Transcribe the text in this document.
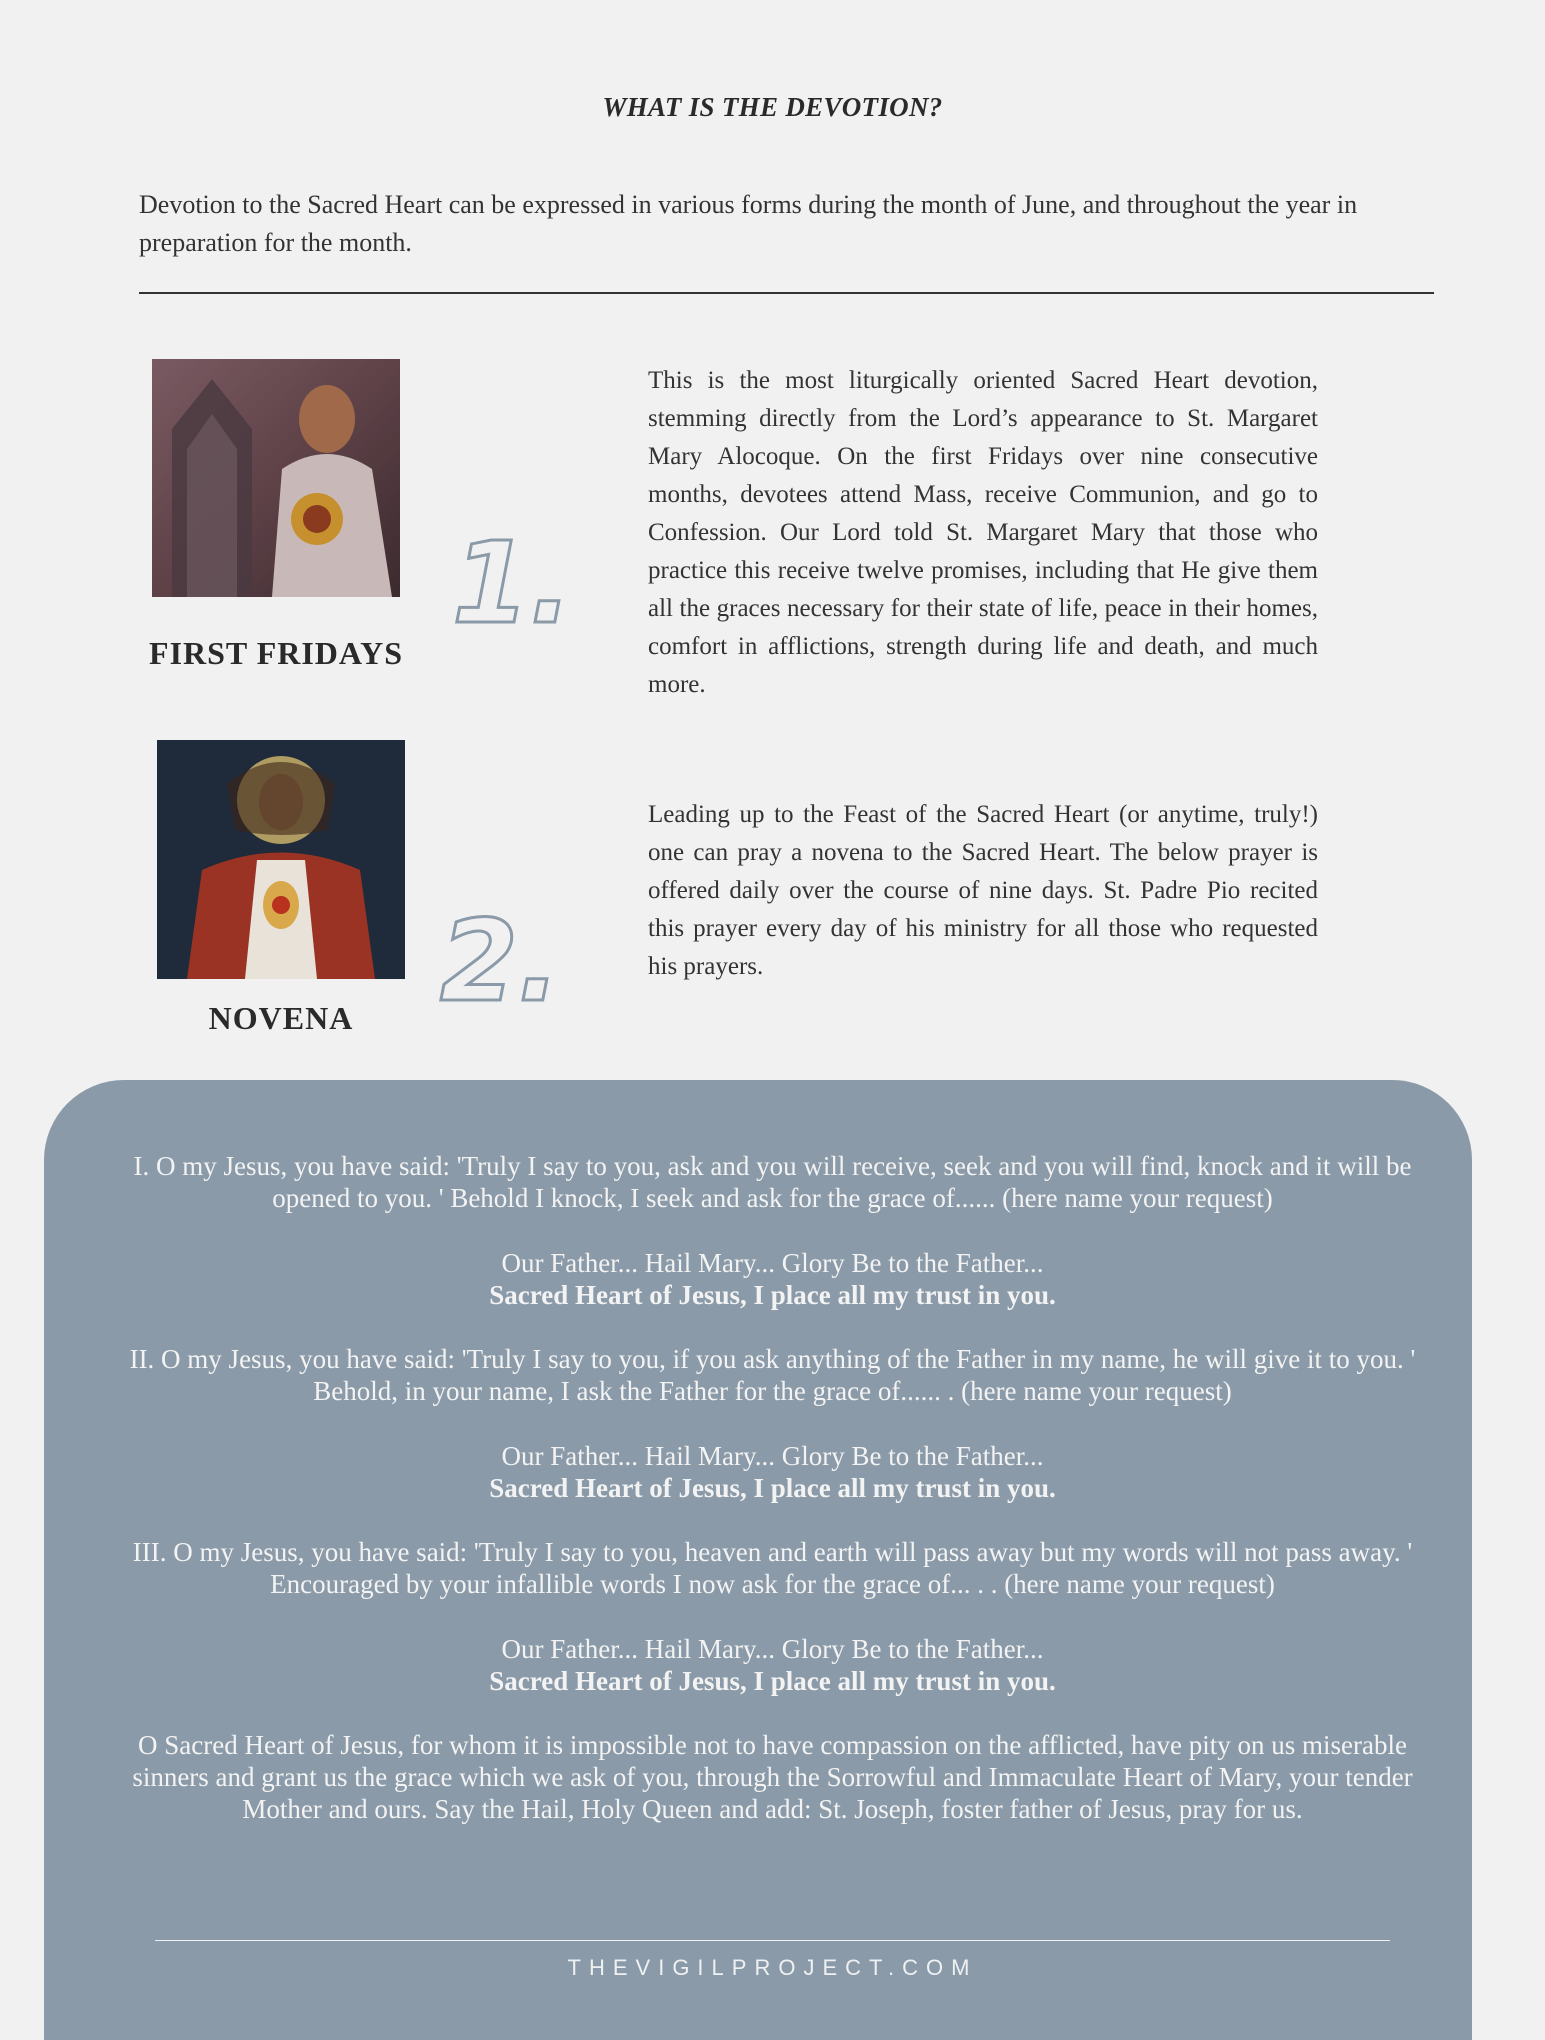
WHAT IS THE DEVOTION?
Devotion to the Sacred Heart can be expressed in various forms during the month of June, and throughout the year in preparation for the month.
FIRST FRIDAYS
1.
This is the most liturgically oriented Sacred Heart devotion, stemming directly from the Lord’s appearance to St. Margaret Mary Alocoque. On the first Fridays over nine consecutive months, devotees attend Mass, receive Communion, and go to Confession. Our Lord told St. Margaret Mary that those who practice this receive twelve promises, including that He give them all the graces necessary for their state of life, peace in their homes, comfort in afflictions, strength during life and death, and much more.
NOVENA 2.
Leading up to the Feast of the Sacred Heart (or anytime, truly!) one can pray a novena to the Sacred Heart. The below prayer is offered daily over the course of nine days. St. Padre Pio recited this prayer every day of his ministry for all those who requested his prayers.
I. O my Jesus, you have said: 'Truly I say to you, ask and you will receive, seek and you will find, knock and it will be opened to you. ' Behold I knock, I seek and ask for the grace of...... (here name your request)
Our Father... Hail Mary... Glory Be to the Father...
Sacred Heart of Jesus, I place all my trust in you.
II. O my Jesus, you have said: 'Truly I say to you, if you ask anything of the Father in my name, he will give it to you. ' Behold, in your name, I ask the Father for the grace of...... . (here name your request)
Our Father... Hail Mary... Glory Be to the Father...
Sacred Heart of Jesus, I place all my trust in you.
III. O my Jesus, you have said: 'Truly I say to you, heaven and earth will pass away but my words will not pass away. ' Encouraged by your infallible words I now ask for the grace of... . . (here name your request)
Our Father... Hail Mary... Glory Be to the Father...
Sacred Heart of Jesus, I place all my trust in you.
O Sacred Heart of Jesus, for whom it is impossible not to have compassion on the afflicted, have pity on us miserable sinners and grant us the grace which we ask of you, through the Sorrowful and Immaculate Heart of Mary, your tender Mother and ours. Say the Hail, Holy Queen and add: St. Joseph, foster father of Jesus, pray for us.
THEVIGILPROJECT.COM
